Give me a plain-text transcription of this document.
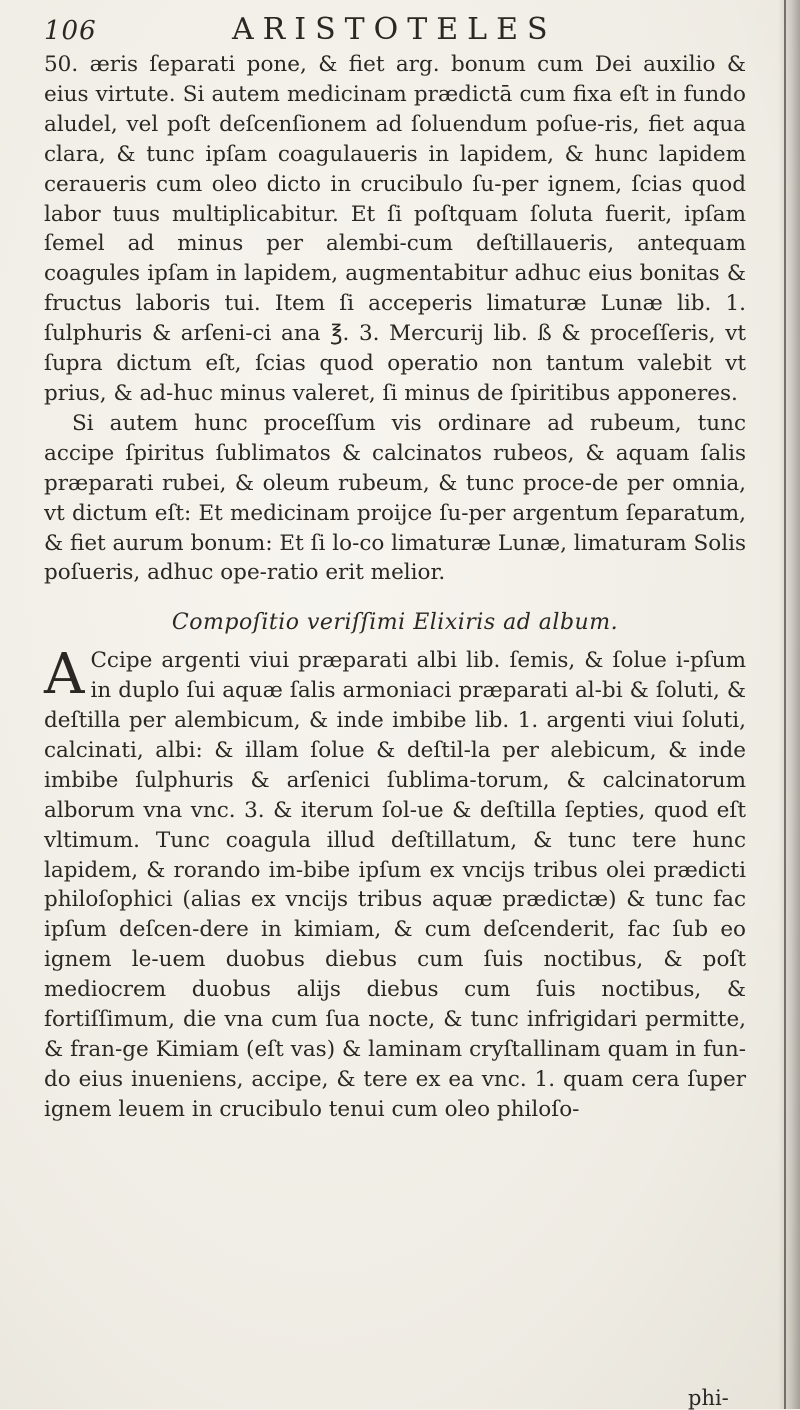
106	ARISTOTELES

50. æris ſeparati pone, & fiet arg. bonum cum Dei auxilio & eius virtute. Si autem medicinam prædictā cum fixa eſt in fundo aludel, vel poſt deſcenſionem ad ſoluendum poſue-ris, fiet aqua clara, & tunc ipſam coagulaueris in lapidem, & hunc lapidem ceraueris cum oleo dicto in crucibulo ſu-per ignem, ſcias quod labor tuus multiplicabitur. Et ſi poſtquam ſoluta fuerit, ipſam ſemel ad minus per alembi-cum deſtillaueris, antequam coagules ipſam in lapidem, augmentabitur adhuc eius bonitas & fructus laboris tui. Item ſi acceperis limaturæ Lunæ lib. 1. ſulphuris & arſeni-ci ana ℥. 3. Mercurij lib. ß & proceſſeris, vt ſupra dictum eſt, ſcias quod operatio non tantum valebit vt prius, & ad-huc minus valeret, ſi minus de ſpiritibus apponeres.

Si autem hunc proceſſum vis ordinare ad rubeum, tunc accipe ſpiritus ſublimatos & calcinatos rubeos, & aquam ſalis præparati rubei, & oleum rubeum, & tunc proce-de per omnia, vt dictum eſt: Et medicinam proijce ſu-per argentum ſeparatum, & fiet aurum bonum: Et ſi lo-co limaturæ Lunæ, limaturam Solis poſueris, adhuc ope-ratio erit melior.

Compoſitio veriſſimi Elixiris ad album.

A Ccipe argenti viui præparati albi lib. ſemis, & ſolue i-pſum in duplo ſui aquæ ſalis armoniaci præparati al-bi & ſoluti, & deſtilla per alembicum, & inde imbibe lib. 1. argenti viui ſoluti, calcinati, albi: & illam ſolue & deſtil-la per alebicum, & inde imbibe ſulphuris & arſenici ſublima-torum, & calcinatorum alborum vna vnc. 3. & iterum ſol-ue & deſtilla ſepties, quod eſt vltimum. Tunc coagula illud deſtillatum, & tunc tere hunc lapidem, & rorando im-bibe ipſum ex vncijs tribus olei prædicti philoſophici (alias ex vncijs tribus aquæ prædictæ) & tunc fac ipſum deſcen-dere in kimiam, & cum deſcenderit, fac ſub eo ignem le-uem duobus diebus cum ſuis noctibus, & poſt mediocrem duobus alijs diebus cum ſuis noctibus, & fortiſſimum, die vna cum ſua nocte, & tunc infrigidari permitte, & fran-ge Kimiam (eſt vas) & laminam cryſtallinam quam in fun-do eius inueniens, accipe, & tere ex ea vnc. 1. quam cera ſuper ignem leuem in crucibulo tenui cum oleo philoſo-

phi-
